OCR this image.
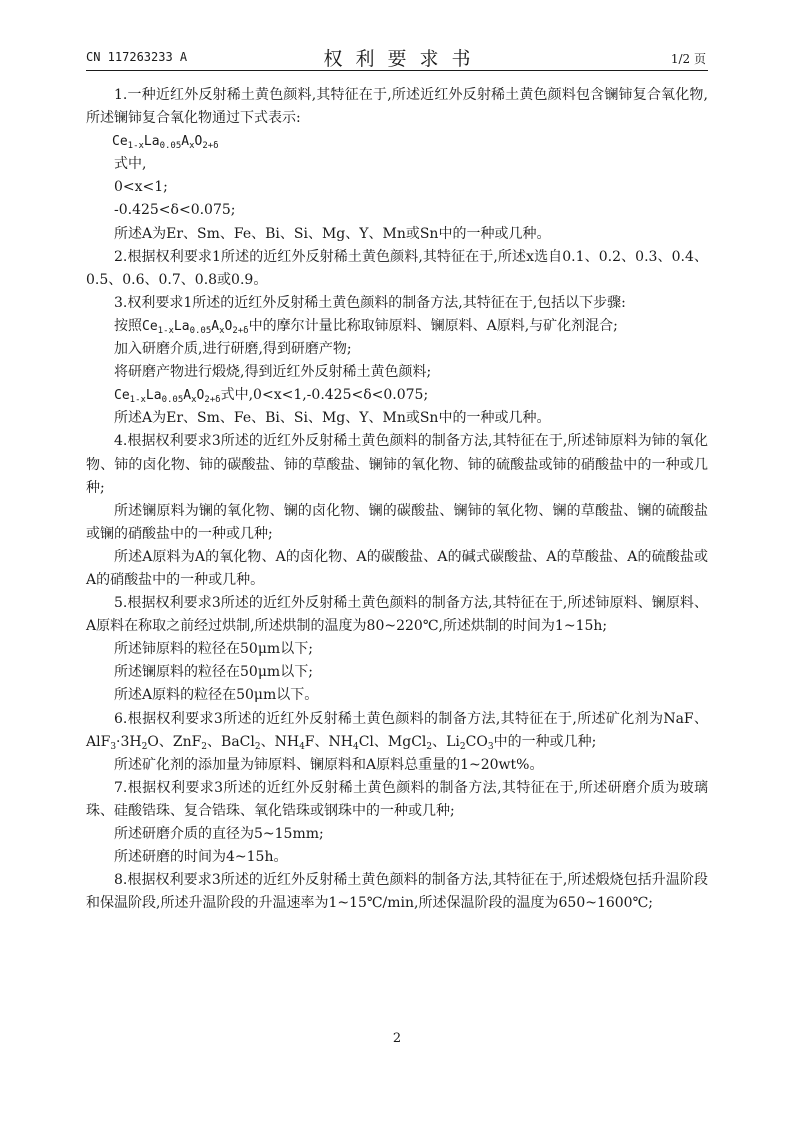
CN 117263233 A	权利要求书	1/2 页

1.一种近红外反射稀土黄色颜料,其特征在于,所述近红外反射稀土黄色颜料包含镧铈复合氧化物,所述镧铈复合氧化物通过下式表示:

$Ce_{1-x}La_{0.05}A_xO_{2+\delta}$

式中,

0<x<1;

-0.425<δ<0.075;

所述A为Er、Sm、Fe、Bi、Si、Mg、Y、Mn或Sn中的一种或几种。

2.根据权利要求1所述的近红外反射稀土黄色颜料,其特征在于,所述x选自0.1、0.2、0.3、0.4、0.5、0.6、0.7、0.8或0.9。

3.权利要求1所述的近红外反射稀土黄色颜料的制备方法,其特征在于,包括以下步骤:

按照$Ce_{1-x}La_{0.05}A_xO_{2+\delta}$中的摩尔计量比称取铈原料、镧原料、A原料,与矿化剂混合;

加入研磨介质,进行研磨,得到研磨产物;

将研磨产物进行煅烧,得到近红外反射稀土黄色颜料;

$Ce_{1-x}La_{0.05}A_xO_{2+\delta}$式中,0<x<1,-0.425<δ<0.075;

所述A为Er、Sm、Fe、Bi、Si、Mg、Y、Mn或Sn中的一种或几种。

4.根据权利要求3所述的近红外反射稀土黄色颜料的制备方法,其特征在于,所述铈原料为铈的氧化物、铈的卤化物、铈的碳酸盐、铈的草酸盐、镧铈的氧化物、铈的硫酸盐或铈的硝酸盐中的一种或几种;

所述镧原料为镧的氧化物、镧的卤化物、镧的碳酸盐、镧铈的氧化物、镧的草酸盐、镧的硫酸盐或镧的硝酸盐中的一种或几种;

所述A原料为A的氧化物、A的卤化物、A的碳酸盐、A的碱式碳酸盐、A的草酸盐、A的硫酸盐或A的硝酸盐中的一种或几种。

5.根据权利要求3所述的近红外反射稀土黄色颜料的制备方法,其特征在于,所述铈原料、镧原料、A原料在称取之前经过烘制,所述烘制的温度为80~220℃,所述烘制的时间为1~15h;

所述铈原料的粒径在50μm以下;

所述镧原料的粒径在50μm以下;

所述A原料的粒径在50μm以下。

6.根据权利要求3所述的近红外反射稀土黄色颜料的制备方法,其特征在于,所述矿化剂为NaF、$AlF_3\cdot 3H_2O$、ZnF$_2$、BaCl$_2$、$NH_4F$、$NH_4Cl$、MgCl$_2$、$Li_2CO_3$中的一种或几种;

所述矿化剂的添加量为铈原料、镧原料和A原料总重量的1~20wt%。

7.根据权利要求3所述的近红外反射稀土黄色颜料的制备方法,其特征在于,所述研磨介质为玻璃珠、硅酸锆珠、复合锆珠、氧化锆珠或钢珠中的一种或几种;

所述研磨介质的直径为5~15mm;

所述研磨的时间为4~15h。

8.根据权利要求3所述的近红外反射稀土黄色颜料的制备方法,其特征在于,所述煅烧包括升温阶段和保温阶段,所述升温阶段的升温速率为1~15℃/min,所述保温阶段的温度为650~1600℃;

2
